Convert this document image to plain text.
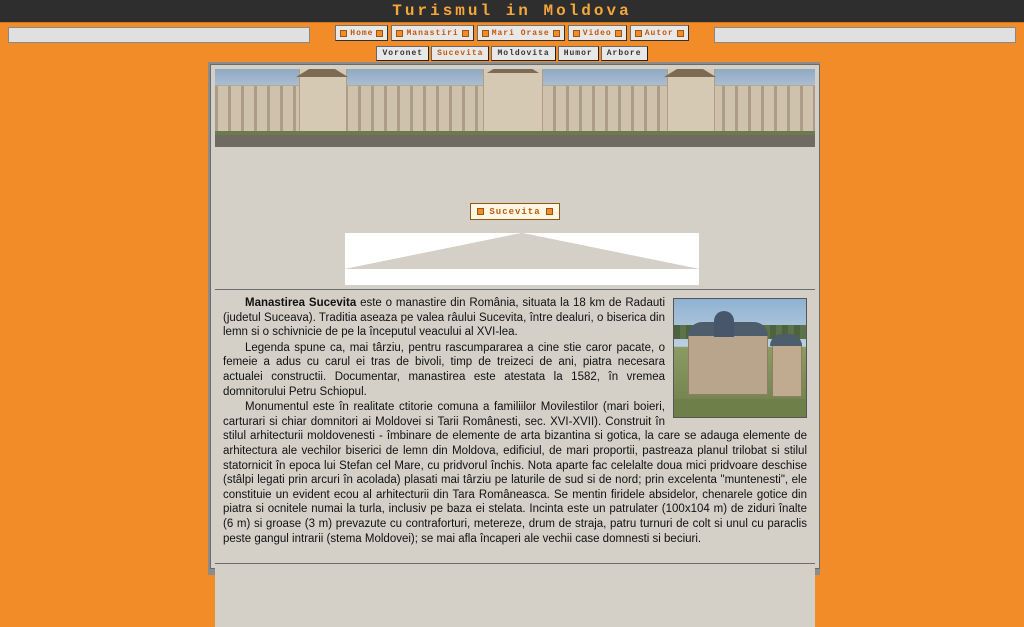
Turismul in Moldova
Home	Manastiri	Mari Orase	Video	Autor
Voronet	Sucevita	Moldovita	Humor	Arbore
Sucevita

Manastirea Sucevita este o manastire din România, situata la 18 km de Radauti (judetul Suceava). Traditia aseaza pe valea râului Sucevita, între dealuri, o biserica din lemn si o schivnicie de pe la începutul veacului al XVI-lea.

Legenda spune ca, mai târziu, pentru rascumpararea a cine stie caror pacate, o femeie a adus cu carul ei tras de bivoli, timp de treizeci de ani, piatra necesara actualei constructii. Documentar, manastirea este atestata la 1582, în vremea domnitorului Petru Schiopul.

Monumentul este în realitate ctitorie comuna a familiilor Movilestilor (mari boieri, carturari si chiar domnitori ai Moldovei si Tarii Românesti, sec. XVI-XVII). Construit în stilul arhitecturii moldovenesti - îmbinare de elemente de arta bizantina si gotica, la care se adauga elemente de arhitectura ale vechilor biserici de lemn din Moldova, edificiul, de mari proportii, pastreaza planul trilobat si stilul statornicit în epoca lui Stefan cel Mare, cu pridvorul închis. Nota aparte fac celelalte doua mici pridvoare deschise (stâlpi legati prin arcuri în acolada) plasati mai târziu pe laturile de sud si de nord; prin excelenta "muntenesti", ele constituie un evident ecou al arhitecturii din Tara Româneasca. Se mentin firidele absidelor, chenarele gotice din piatra si ocnitele numai la turla, inclusiv pe baza ei stelata. Incinta este un patrulater (100x104 m) de ziduri înalte (6 m) si groase (3 m) prevazute cu contraforturi, metereze, drum de straja, patru turnuri de colt si unul cu paraclis peste gangul intrarii (stema Moldovei); se mai afla încaperi ale vechii case domnesti si beciuri.
